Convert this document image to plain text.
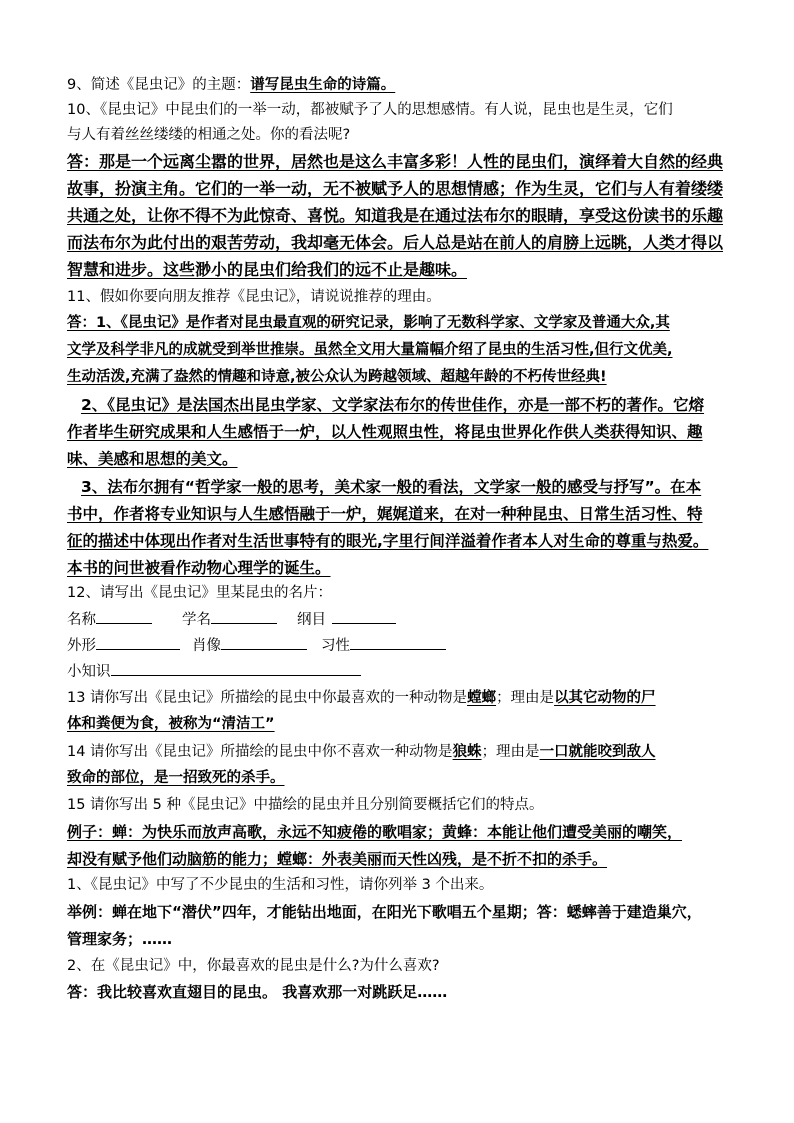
9、简述《昆虫记》的主题：谱写昆虫生命的诗篇。
10、《昆虫记》中昆虫们的一举一动，都被赋予了人的思想感情。有人说，昆虫也是生灵，它们
与人有着丝丝缕缕的相通之处。你的看法呢?
答：那是一个远离尘嚣的世界，居然也是这么丰富多彩！人性的昆虫们，演绎着大自然的经典
故事，扮演主角。它们的一举一动，无不被赋予人的思想情感；作为生灵，它们与人有着缕缕
共通之处，让你不得不为此惊奇、喜悦。知道我是在通过法布尔的眼睛，享受这份读书的乐趣
而法布尔为此付出的艰苦劳动，我却毫无体会。后人总是站在前人的肩膀上远眺，人类才得以
智慧和进步。这些渺小的昆虫们给我们的远不止是趣味。
11、假如你要向朋友推荐《昆虫记》，请说说推荐的理由。
答：1、《昆虫记》是作者对昆虫最直观的研究记录，影响了无数科学家、文学家及普通大众,其
文学及科学非凡的成就受到举世推崇。虽然全文用大量篇幅介绍了昆虫的生活习性,但行文优美,
生动活泼,充满了盎然的情趣和诗意,被公众认为跨越领域、超越年龄的不朽传世经典!
2、《昆虫记》是法国杰出昆虫学家、文学家法布尔的传世佳作，亦是一部不朽的著作。它熔
作者毕生研究成果和人生感悟于一炉，以人性观照虫性，将昆虫世界化作供人类获得知识、趣
味、美感和思想的美文。
3、法布尔拥有“哲学家一般的思考，美术家一般的看法，文学家一般的感受与抒写”。在本
书中，作者将专业知识与人生感悟融于一炉，娓娓道来，在对一种种昆虫、日常生活习性、特
征的描述中体现出作者对生活世事特有的眼光,字里行间洋溢着作者本人对生命的尊重与热爱。
本书的问世被看作动物心理学的诞生。
12、请写出《昆虫记》里某昆虫的名片：
名称	学名	纲目
外形	肖像	习性
小知识
13 请你写出《昆虫记》所描绘的昆虫中你最喜欢的一种动物是螳螂；理由是以其它动物的尸
体和粪便为食，被称为“清洁工”
14 请你写出《昆虫记》所描绘的昆虫中你不喜欢一种动物是狼蛛；理由是一口就能咬到敌人
致命的部位，是一招致死的杀手。
15 请你写出 5 种《昆虫记》中描绘的昆虫并且分别简要概括它们的特点。
例子：蝉：为快乐而放声高歌，永远不知疲倦的歌唱家；黄蜂：本能让他们遭受美丽的嘲笑，
却没有赋予他们动脑筋的能力；螳螂：外表美丽而天性凶残，是不折不扣的杀手。
1、《昆虫记》中写了不少昆虫的生活和习性，请你列举 3 个出来。
举例：蝉在地下“潜伏”四年，才能钻出地面，在阳光下歌唱五个星期；答：蟋蟀善于建造巢穴，
管理家务；……
2、在《昆虫记》中，你最喜欢的昆虫是什么?为什么喜欢?
答：我比较喜欢直翅目的昆虫。 我喜欢那一对跳跃足……
